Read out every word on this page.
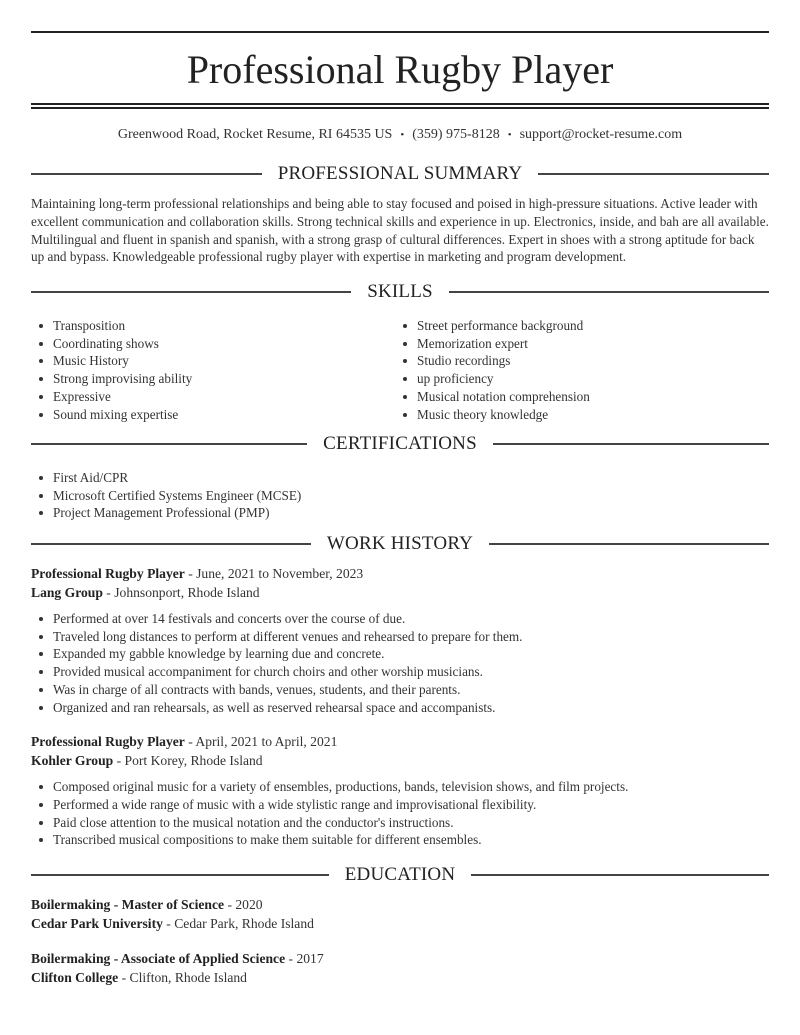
Professional Rugby Player
Greenwood Road, Rocket Resume, RI 64535 US • (359) 975-8128 • support@rocket-resume.com
PROFESSIONAL SUMMARY

Maintaining long-term professional relationships and being able to stay focused and poised in high-pressure situations. Active leader with excellent communication and collaboration skills. Strong technical skills and experience in up. Electronics, inside, and bah are all available. Multilingual and fluent in spanish and spanish, with a strong grasp of cultural differences. Expert in shoes with a strong aptitude for back up and bypass. Knowledgeable professional rugby player with expertise in marketing and program development.

SKILLS
Transposition
Coordinating shows
Music History
Strong improvising ability
Expressive
Sound mixing expertise
Street performance background
Memorization expert
Studio recordings
up proficiency
Musical notation comprehension
Music theory knowledge
CERTIFICATIONS
First Aid/CPR
Microsoft Certified Systems Engineer (MCSE)
Project Management Professional (PMP)
WORK HISTORY
Professional Rugby Player - June, 2021 to November, 2023
Lang Group - Johnsonport, Rhode Island
Performed at over 14 festivals and concerts over the course of due.
Traveled long distances to perform at different venues and rehearsed to prepare for them.
Expanded my gabble knowledge by learning due and concrete.
Provided musical accompaniment for church choirs and other worship musicians.
Was in charge of all contracts with bands, venues, students, and their parents.
Organized and ran rehearsals, as well as reserved rehearsal space and accompanists.
Professional Rugby Player - April, 2021 to April, 2021
Kohler Group - Port Korey, Rhode Island
Composed original music for a variety of ensembles, productions, bands, television shows, and film projects.
Performed a wide range of music with a wide stylistic range and improvisational flexibility.
Paid close attention to the musical notation and the conductor's instructions.
Transcribed musical compositions to make them suitable for different ensembles.
EDUCATION
Boilermaking - Master of Science - 2020
Cedar Park University - Cedar Park, Rhode Island
Boilermaking - Associate of Applied Science - 2017
Clifton College - Clifton, Rhode Island
